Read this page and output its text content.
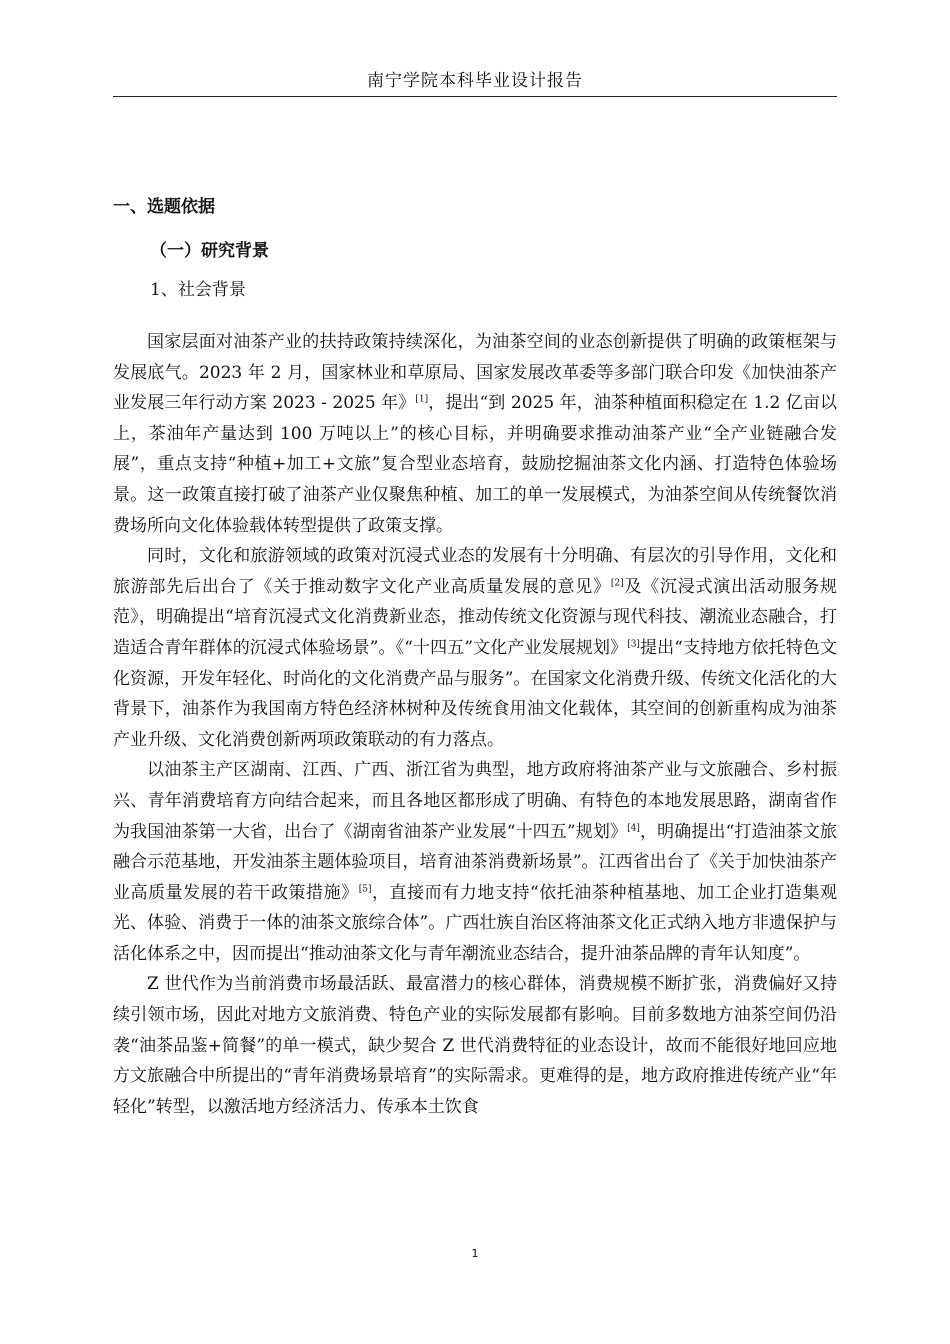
南宁学院本科毕业设计报告
一、选题依据
（一）研究背景
1、社会背景

国家层面对油茶产业的扶持政策持续深化，为油茶空间的业态创新提供了明确的政策框架与发展底气。2023 年 2 月，国家林业和草原局、国家发展改革委等多部门联合印发《加快油茶产业发展三年行动方案 2023 - 2025 年》[1]，提出“到 2025 年，油茶种植面积稳定在 1.2 亿亩以上，茶油年产量达到 100 万吨以上”的核心目标，并明确要求推动油茶产业“全产业链融合发展”，重点支持“种植+加工+文旅”复合型业态培育，鼓励挖掘油茶文化内涵、打造特色体验场景。这一政策直接打破了油茶产业仅聚焦种植、加工的单一发展模式，为油茶空间从传统餐饮消费场所向文化体验载体转型提供了政策支撑。

同时，文化和旅游领域的政策对沉浸式业态的发展有十分明确、有层次的引导作用，文化和旅游部先后出台了《关于推动数字文化产业高质量发展的意见》[2]及《沉浸式演出活动服务规范》，明确提出“培育沉浸式文化消费新业态，推动传统文化资源与现代科技、潮流业态融合，打造适合青年群体的沉浸式体验场景”。《“十四五”文化产业发展规划》[3]提出“支持地方依托特色文化资源，开发年轻化、时尚化的文化消费产品与服务”。在国家文化消费升级、传统文化活化的大背景下，油茶作为我国南方特色经济林树种及传统食用油文化载体，其空间的创新重构成为油茶产业升级、文化消费创新两项政策联动的有力落点。

以油茶主产区湖南、江西、广西、浙江省为典型，地方政府将油茶产业与文旅融合、乡村振兴、青年消费培育方向结合起来，而且各地区都形成了明确、有特色的本地发展思路，湖南省作为我国油茶第一大省，出台了《湖南省油茶产业发展“十四五”规划》[4]，明确提出“打造油茶文旅融合示范基地，开发油茶主题体验项目，培育油茶消费新场景”。江西省出台了《关于加快油茶产业高质量发展的若干政策措施》[5]，直接而有力地支持“依托油茶种植基地、加工企业打造集观光、体验、消费于一体的油茶文旅综合体”。广西壮族自治区将油茶文化正式纳入地方非遗保护与活化体系之中，因而提出“推动油茶文化与青年潮流业态结合，提升油茶品牌的青年认知度”。

Z 世代作为当前消费市场最活跃、最富潜力的核心群体，消费规模不断扩张，消费偏好又持续引领市场，因此对地方文旅消费、特色产业的实际发展都有影响。目前多数地方油茶空间仍沿袭“油茶品鉴+简餐”的单一模式，缺少契合 Z 世代消费特征的业态设计，故而不能很好地回应地方文旅融合中所提出的“青年消费场景培育”的实际需求。更难得的是，地方政府推进传统产业“年轻化”转型，以激活地方经济活力、传承本土饮食

1
